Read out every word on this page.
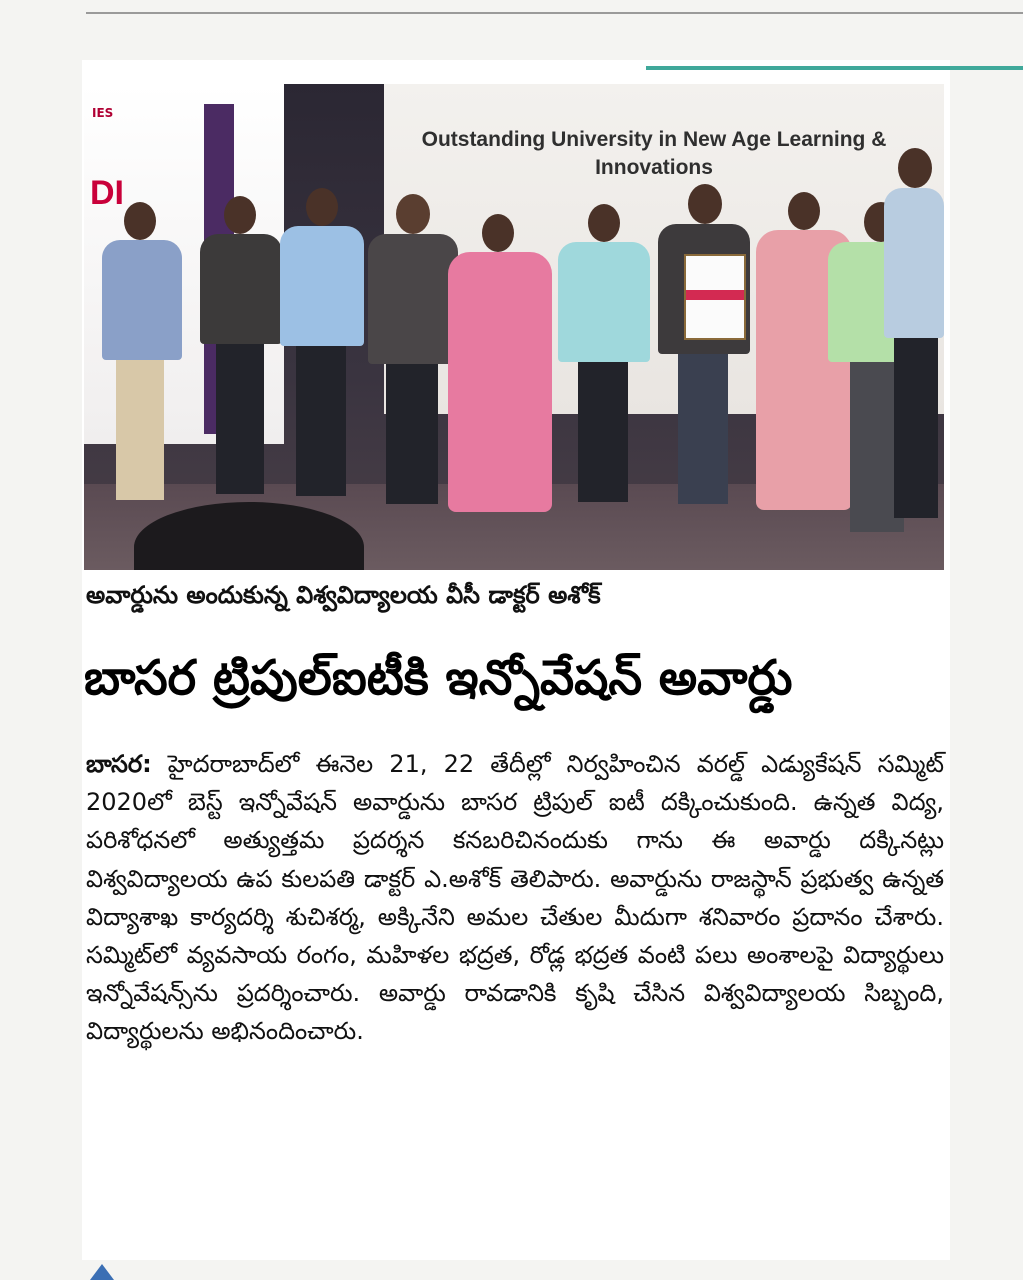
IES
DI
Outstanding University in New Age Learning & Innovations
అవార్డును అందుకున్న విశ్వవిద్యాలయ వీసీ డాక్టర్ అశోక్
బాసర ట్రిపుల్‌ఐటీకి ఇన్నోవేషన్ అవార్డు
బాసర: హైదరాబాద్‌లో ఈనెల 21, 22 తేదీల్లో నిర్వహించిన వరల్డ్ ఎడ్యుకేషన్ సమ్మిట్ 2020లో బెస్ట్ ఇన్నోవేషన్ అవార్డును బాసర ట్రిపుల్ ఐటీ దక్కించుకుంది. ఉన్నత విద్య, పరిశోధనలో అత్యుత్తమ ప్రదర్శన కనబరిచినందుకు గాను ఈ అవార్డు దక్కినట్లు విశ్వవిద్యాలయ ఉప కులపతి డాక్టర్ ఎ.అశోక్ తెలిపారు. అవార్డును రాజస్థాన్ ప్రభుత్వ ఉన్నత విద్యాశాఖ కార్యదర్శి శుచిశర్మ, అక్కినేని అమల చేతుల మీదుగా శనివారం ప్రదానం చేశారు. సమ్మిట్‌లో వ్యవసాయ రంగం, మహిళల భద్రత, రోడ్ల భద్రత వంటి పలు అంశాలపై విద్యార్థులు ఇన్నోవేషన్స్‌ను ప్రదర్శించారు. అవార్డు రావడానికి కృషి చేసిన విశ్వవిద్యాలయ సిబ్బంది, విద్యార్థులను అభినందించారు.
